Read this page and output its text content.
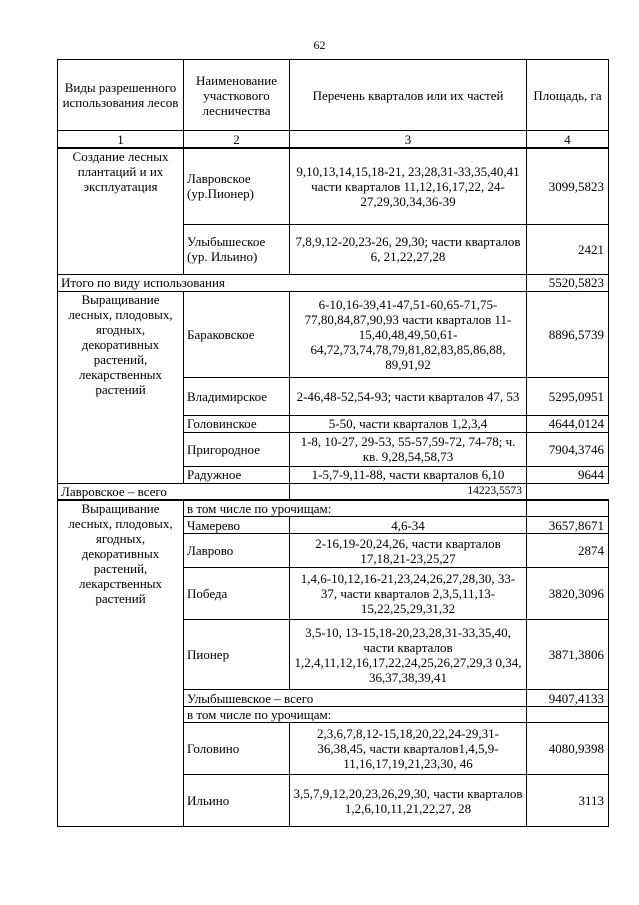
62
Виды разрешенного использования лесов	Наименование участкового лесничества	Перечень кварталов или их частей	Площадь, га
1	2	3	4
Создание лесных плантаций и их эксплуатация	Лавровское (ур.Пионер)	9,10,13,14,15,18-21, 23,28,31-33,35,40,41 части кварталов 11,12,16,17,22, 24-27,29,30,34,36-39	3099,5823
	Улыбышеское (ур. Ильино)	7,8,9,12-20,23-26, 29,30; части кварталов 6, 21,22,27,28	2421
Итого по виду использования			5520,5823
Выращивание лесных, плодовых, ягодных, декоративных растений, лекарственных растений	Бараковское	6-10,16-39,41-47,51-60,65-71,75-77,80,84,87,90,93 части кварталов 11-15,40,48,49,50,61-64,72,73,74,78,79,81,82,83,85,86,88, 89,91,92	8896,5739
	Владимирское	2-46,48-52,54-93; части кварталов 47, 53	5295,0951
	Головинское	5-50, части кварталов 1,2,3,4	4644,0124
	Пригородное	1-8, 10-27, 29-53, 55-57,59-72, 74-78; ч. кв. 9,28,54,58,73	7904,3746
	Радужное	1-5,7-9,11-88, части кварталов 6,10	9644
Лавровское – всего		14223,5573	
Выращивание лесных, плодовых, ягодных, декоративных растений, лекарственных растений	в том числе по урочищам:		
	Чамерево	4,6-34	3657,8671
	Лаврово	2-16,19-20,24,26, части кварталов 17,18,21-23,25,27	2874
	Победа	1,4,6-10,12,16-21,23,24,26,27,28,30, 33-37, части кварталов 2,3,5,11,13-15,22,25,29,31,32	3820,3096
	Пионер	3,5-10, 13-15,18-20,23,28,31-33,35,40, части кварталов 1,2,4,11,12,16,17,22,24,25,26,27,29,3 0,34, 36,37,38,39,41	3871,3806
	Улыбышевское – всего		9407,4133
	в том числе по урочищам:		
	Головино	2,3,6,7,8,12-15,18,20,22,24-29,31-36,38,45, части кварталов1,4,5,9-11,16,17,19,21,23,30, 46	4080,9398
	Ильино	3,5,7,9,12,20,23,26,29,30, части кварталов 1,2,6,10,11,21,22,27, 28	3113
